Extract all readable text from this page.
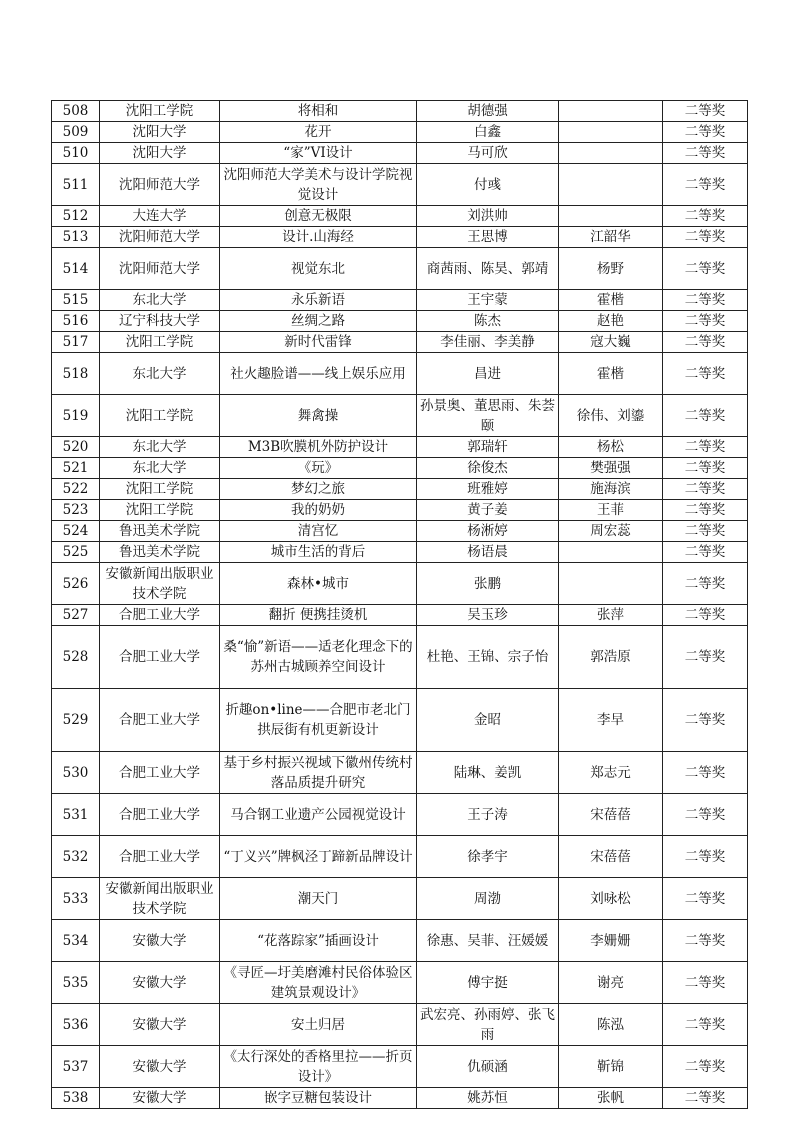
508	沈阳工学院	将相和	胡德强		二等奖
509	沈阳大学	花开	白鑫		二等奖
510	沈阳大学	“家”VI设计	马可欣		二等奖
511	沈阳师范大学	沈阳师范大学美术与设计学院视觉设计	付彧		二等奖
512	大连大学	创意无极限	刘洪帅		二等奖
513	沈阳师范大学	设计.山海经	王思博	江韶华	二等奖
514	沈阳师范大学	视觉东北	商茜雨、陈昊、郭靖	杨野	二等奖
515	东北大学	永乐新语	王宇蒙	霍楷	二等奖
516	辽宁科技大学	丝绸之路	陈杰	赵艳	二等奖
517	沈阳工学院	新时代雷锋	李佳丽、李美静	寇大巍	二等奖
518	东北大学	社火趣脸谱——线上娱乐应用	昌进	霍楷	二等奖
519	沈阳工学院	舞禽操	孙景奥、董思雨、朱荟颐	徐伟、刘鎏	二等奖
520	东北大学	M3B吹膜机外防护设计	郭瑞轩	杨松	二等奖
521	东北大学	《玩》	徐俊杰	樊强强	二等奖
522	沈阳工学院	梦幻之旅	班雅婷	施海滨	二等奖
523	沈阳工学院	我的奶奶	黄子姜	王菲	二等奖
524	鲁迅美术学院	清宫忆	杨淅婷	周宏蕊	二等奖
525	鲁迅美术学院	城市生活的背后	杨语晨		二等奖
526	安徽新闻出版职业技术学院	森林•城市	张鹏		二等奖
527	合肥工业大学	翻折 便携挂烫机	吴玉珍	张萍	二等奖
528	合肥工业大学	桑“愉”新语——适老化理念下的苏州古城顾养空间设计	杜艳、王锦、宗子怡	郭浩原	二等奖
529	合肥工业大学	折趣on•line——合肥市老北门拱辰街有机更新设计	金昭	李早	二等奖
530	合肥工业大学	基于乡村振兴视域下徽州传统村落品质提升研究	陆琳、姜凯	郑志元	二等奖
531	合肥工业大学	马合钢工业遗产公园视觉设计	王子涛	宋蓓蓓	二等奖
532	合肥工业大学	“丁义兴”牌枫泾丁蹄新品牌设计	徐孝宇	宋蓓蓓	二等奖
533	安徽新闻出版职业技术学院	潮天门	周渤	刘咏松	二等奖
534	安徽大学	“花落踪家”插画设计	徐惠、吴菲、汪媛媛	李姗姗	二等奖
535	安徽大学	《寻匠—圩美磨滩村民俗体验区建筑景观设计》	傅宇挺	谢亮	二等奖
536	安徽大学	安土归居	武宏亮、孙雨婷、张飞雨	陈泓	二等奖
537	安徽大学	《太行深处的香格里拉——折页设计》	仇硕涵	靳锦	二等奖
538	安徽大学	嵌字豆糖包装设计	姚苏恒	张帆	二等奖
